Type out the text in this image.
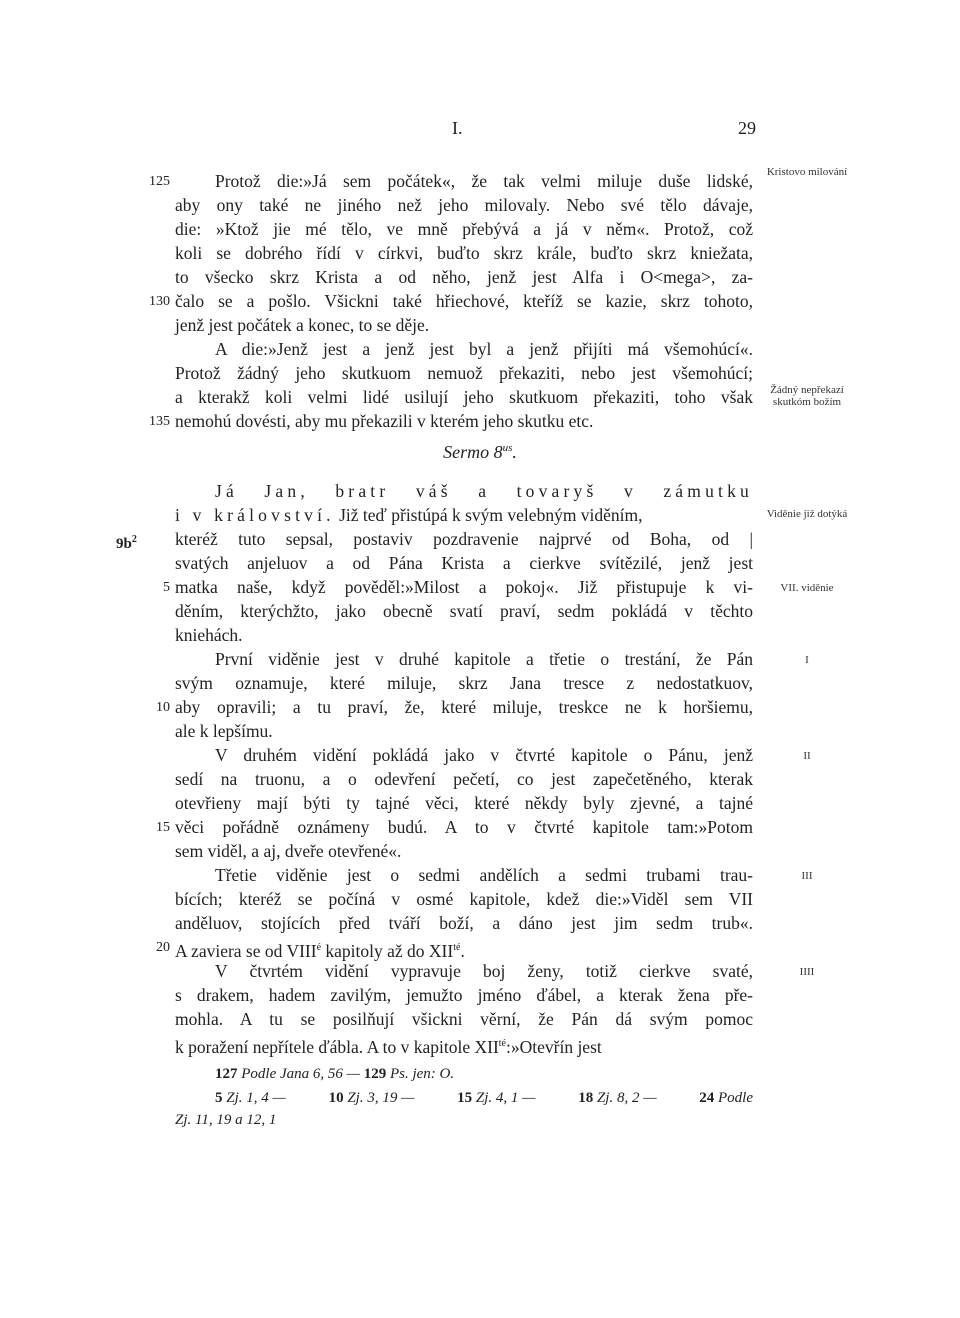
I.	29
Protož die:»Já sem počátek«, že tak velmi miluje duše lidské,
aby ony také ne jiného než jeho milovaly. Nebo své tělo dávaje,
die: »Ktož jie mé tělo, ve mně přebývá a já v něm«. Protož, což
koli se dobrého řídí v církvi, buďto skrz krále, buďto skrz kniežata,
to všecko skrz Krista a od něho, jenž jest Alfa i O<mega>, za-
čalo se a pošlo. Všickni také hřiechové, kteříž se kazie, skrz tohoto,
jenž jest počátek a konec, to se děje.
A die:»Jenž jest a jenž jest byl a jenž přijíti má všemohúcí«.
Protož žádný jeho skutkuom nemuož překaziti, nebo jest všemohúcí;
a kterakž koli velmi lidé usilují jeho skutkuom překaziti, toho však
nemohú dovésti, aby mu překazili v kterém jeho skutku etc.
125
130
135
Kristovo milování
Žádný nepřekazí skutkóm božím
Sermo $8^{us}$.
Já Jan, bratr váš a tovaryš v zámutku
i v království. Již teď přistúpá k svým velebným viděním,
kteréž tuto sepsal, postaviv pozdravenie najprvé od Boha, od |
svatých anjeluov a od Pána Krista a cierkve svítězilé, jenž jest
matka naše, když pověděl:»Milost a pokoj«. Již přistupuje k vi-
děním, kterýchžto, jako obecně svatí praví, sedm pokládá v těchto
kniehách.
První viděnie jest v druhé kapitole a třetie o trestání, že Pán
svým oznamuje, které miluje, skrz Jana tresce z nedostatkuov,
aby opravili; a tu praví, že, které miluje, treskce ne k horšiemu,
ale k lepšímu.
V druhém vidění pokládá jako v čtvrté kapitole o Pánu, jenž
sedí na truonu, a o odevření pečetí, co jest zapečetěného, kterak
otevřieny mají býti ty tajné věci, které někdy byly zjevné, a tajné
věci pořádně oznámeny budú. A to v čtvrté kapitole tam:»Potom
sem viděl, a aj, dveře otevřené«.
Třetie viděnie jest o sedmi andělích a sedmi trubami trau-
bících; kteréž se počíná v osmé kapitole, kdež die:»Viděl sem VII
anděluov, stojících před tváří boží, a dáno jest jim sedm trub«.
A zaviera se od $VIII^é$ kapitoly až do $XII^{té}$.
V čtvrtém vidění vypravuje boj ženy, totiž cierkve svaté,
s drakem, hadem zavilým, jemužto jméno ďábel, a kterak žena pře-
mohla. A tu se posilňují všickni věrní, že Pán dá svým pomoc
k poražení nepřítele ďábla. A to v kapitole $XII^{té}:»Otevřín$ jest
$9b^2$
5
10
15
20
Viděnie již dotýká
VII. viděnie
I
II
III
IIII
127 Podle Jana 6, 56 — 129 Ps. jen: O.
5 Zj. 1, 4 —	10 Zj. 3, 19 —	15 Zj. 4, 1 —	18 Zj. 8, 2 —	24 Podle
Zj. 11, 19 a 12, 1
